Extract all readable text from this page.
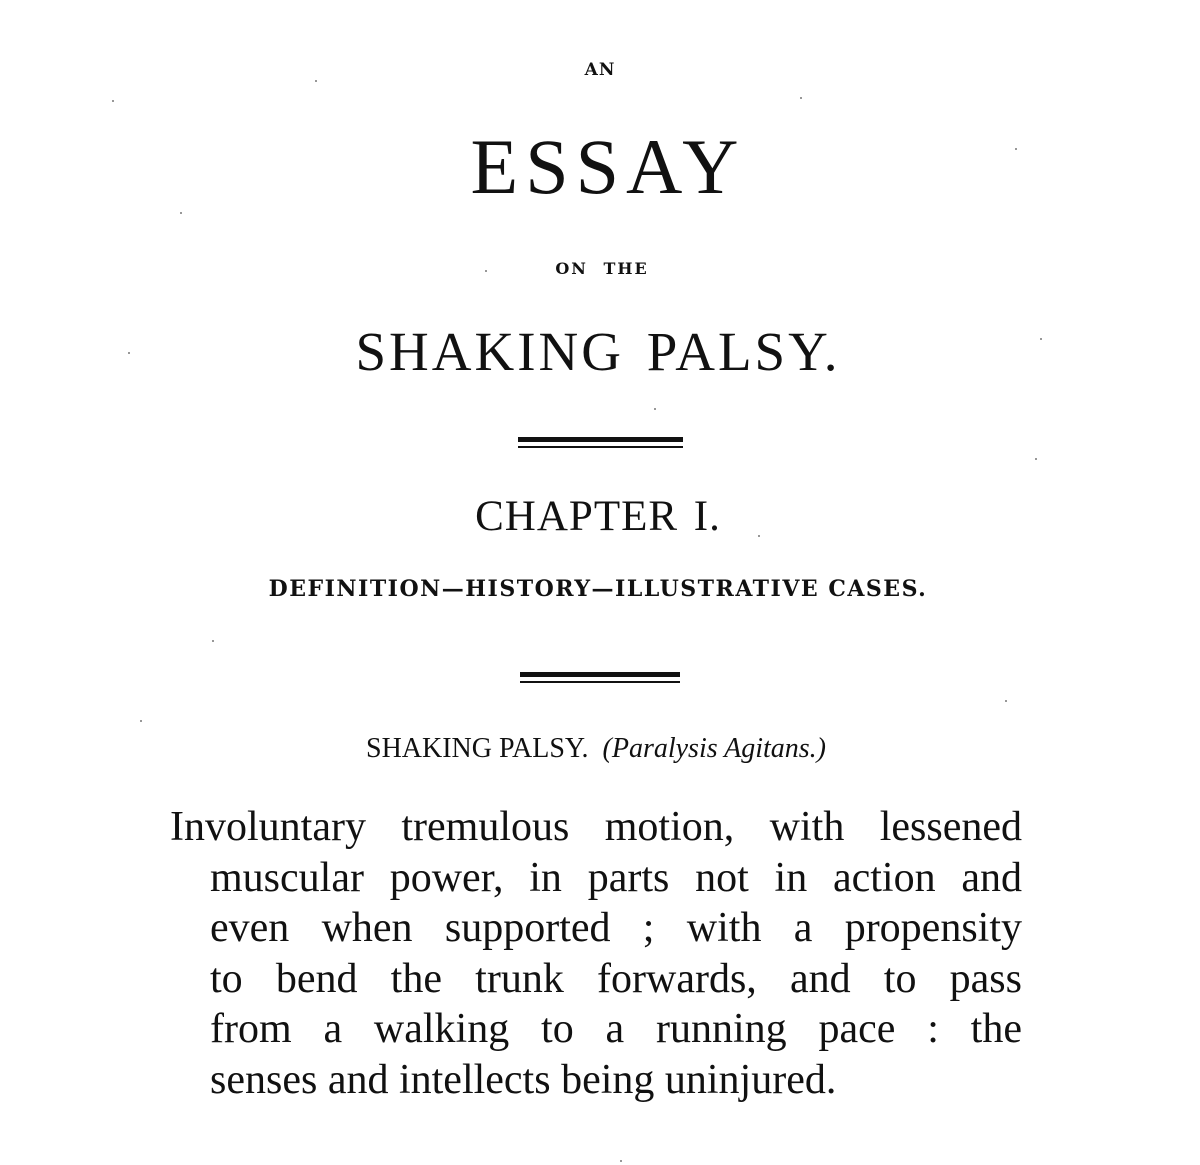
AN
ESSAY
ON THE
SHAKING PALSY.
CHAPTER I.
DEFINITION—HISTORY—ILLUSTRATIVE CASES.
SHAKING PALSY. (Paralysis Agitans.)
Involuntary tremulous motion, with lessened
muscular power, in parts not in action and
even when supported ; with a propensity
to bend the trunk forwards, and to pass
from a walking to a running pace : the
senses and intellects being uninjured.
